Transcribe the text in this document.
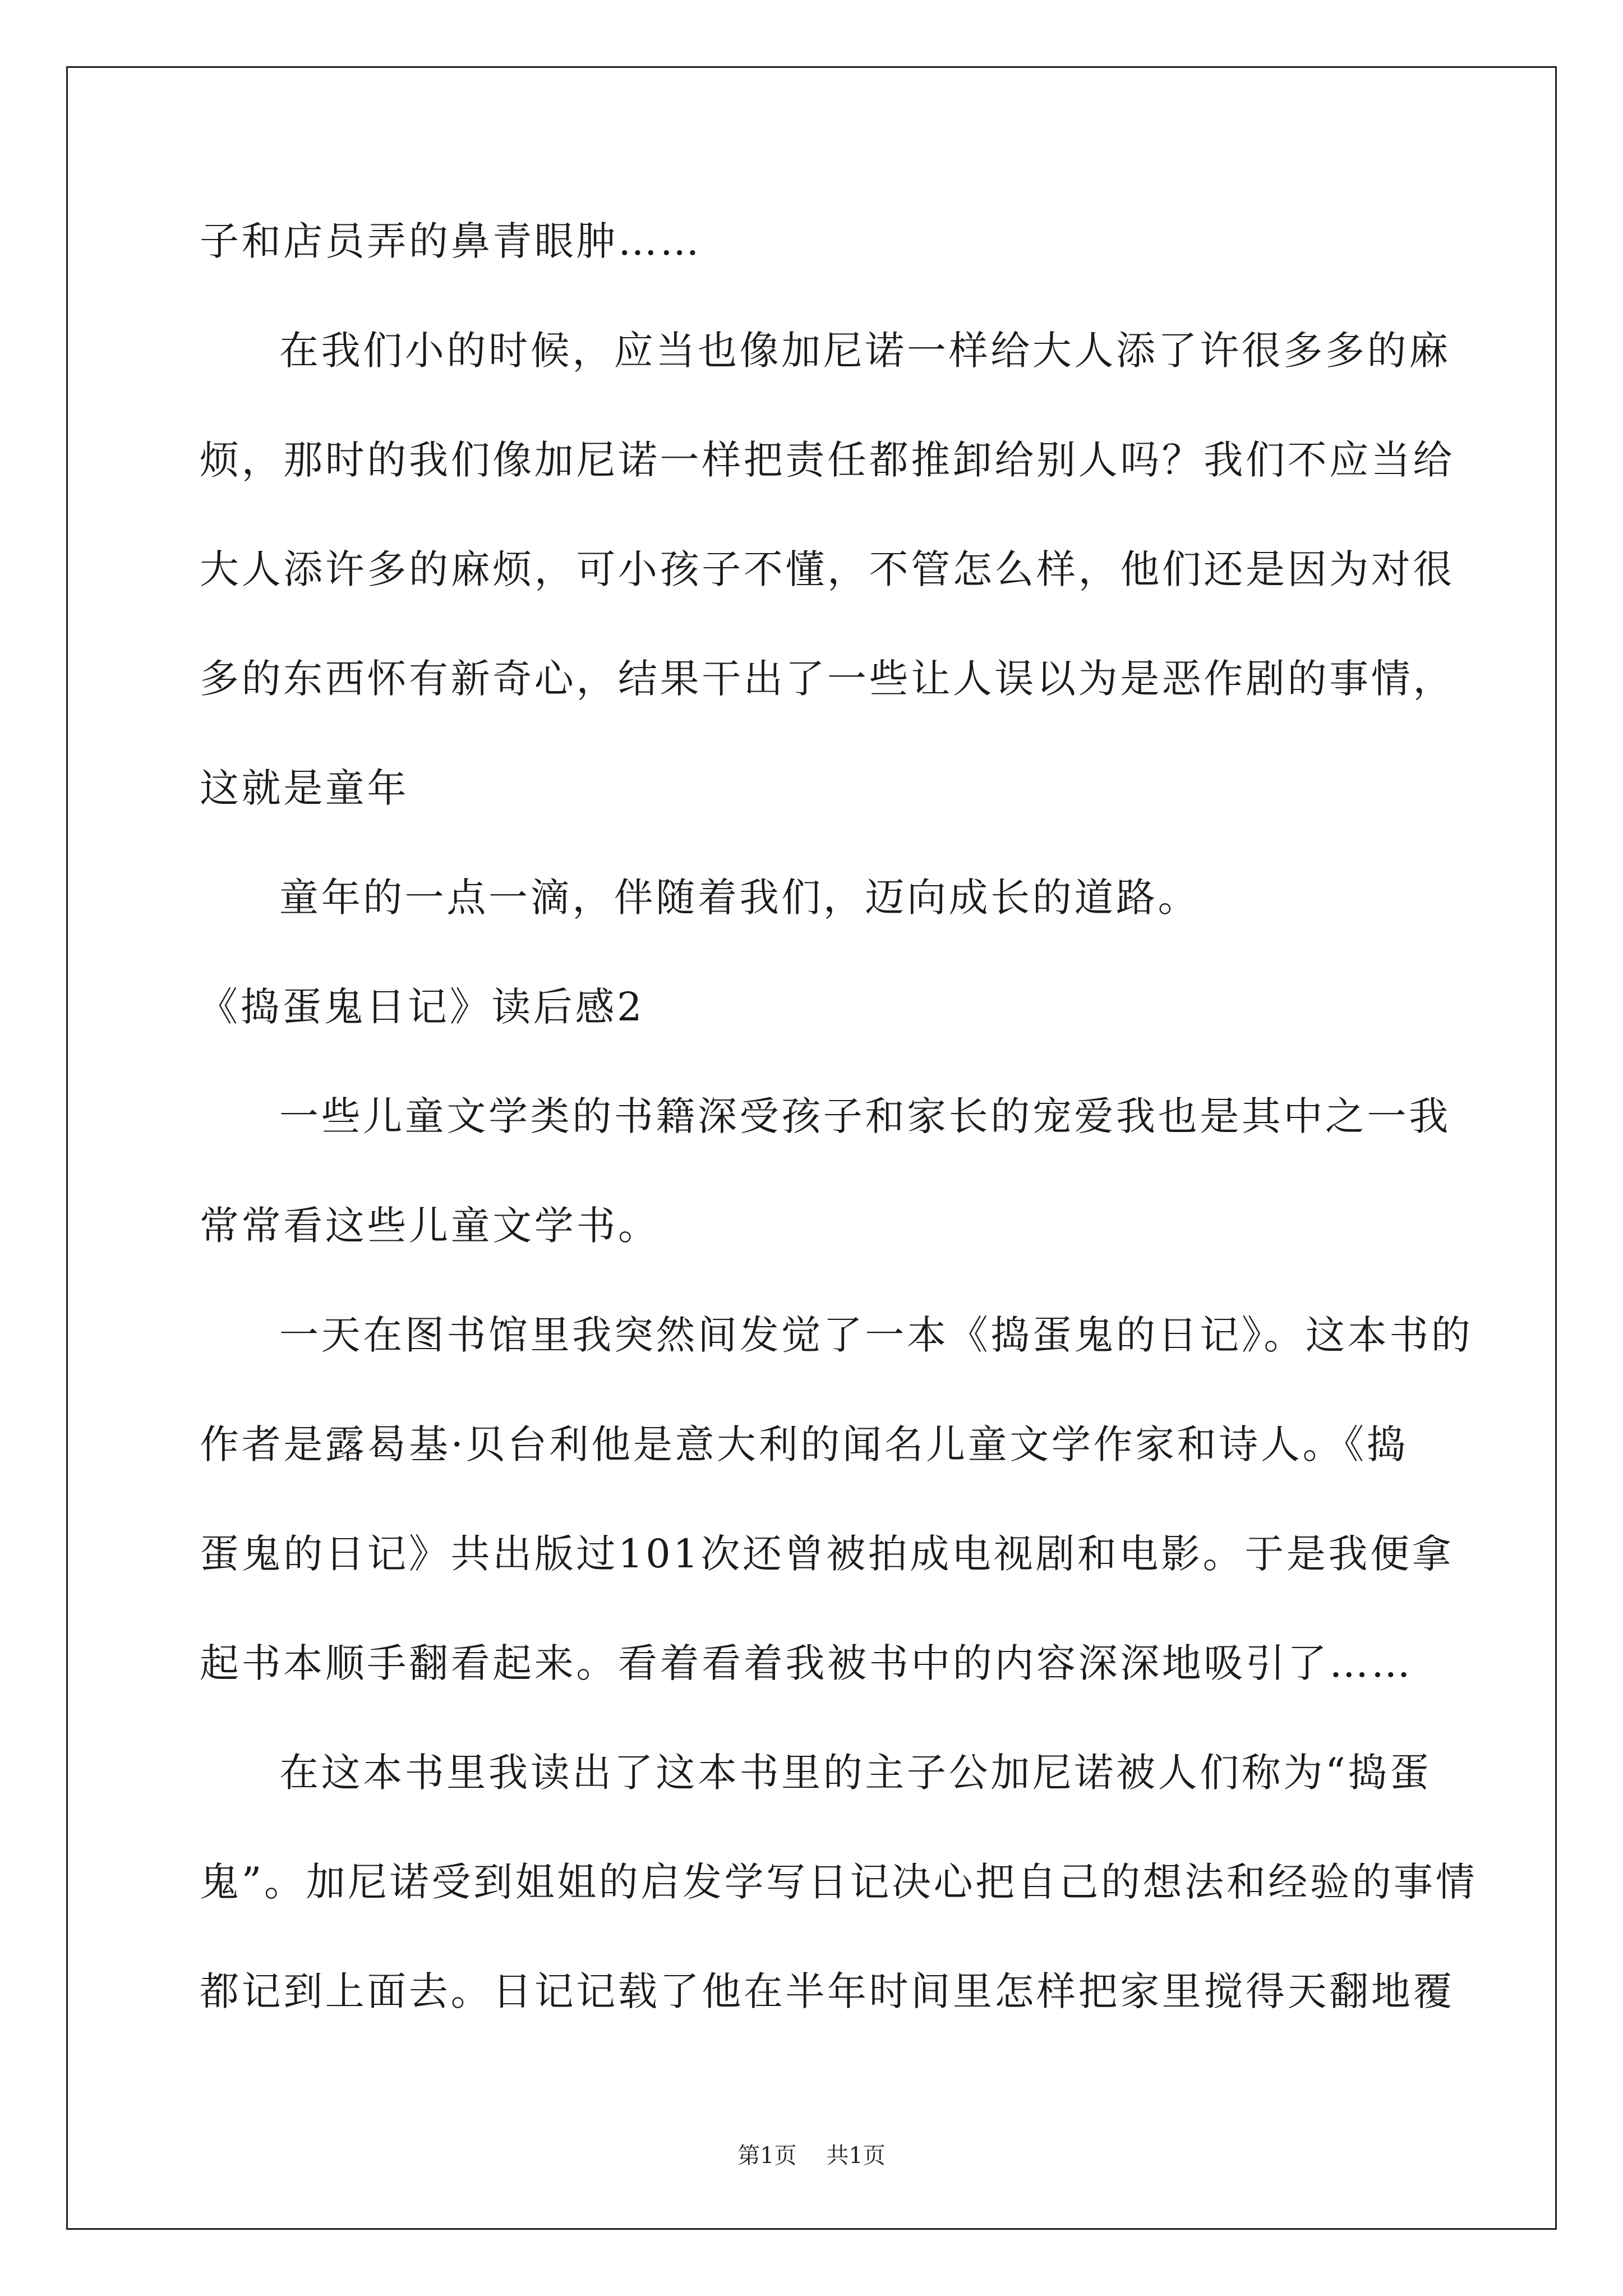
子和店员弄的鼻青眼肿……
在我们小的时候，应当也像加尼诺一样给大人添了许很多多的麻
烦，那时的我们像加尼诺一样把责任都推卸给别人吗？我们不应当给
大人添许多的麻烦，可小孩子不懂，不管怎么样，他们还是因为对很
多的东西怀有新奇心，结果干出了一些让人误以为是恶作剧的事情，
这就是童年
童年的一点一滴，伴随着我们，迈向成长的道路。
《捣蛋鬼日记》读后感2
一些儿童文学类的书籍深受孩子和家长的宠爱我也是其中之一我
常常看这些儿童文学书。
一天在图书馆里我突然间发觉了一本《捣蛋鬼的日记》。这本书的
作者是露曷基·贝台利他是意大利的闻名儿童文学作家和诗人。《捣
蛋鬼的日记》共出版过101次还曾被拍成电视剧和电影。于是我便拿
起书本顺手翻看起来。看着看着我被书中的内容深深地吸引了……
在这本书里我读出了这本书里的主子公加尼诺被人们称为“捣蛋
鬼”。加尼诺受到姐姐的启发学写日记决心把自己的想法和经验的事情
都记到上面去。日记记载了他在半年时间里怎样把家里搅得天翻地覆
第1页 共1页
